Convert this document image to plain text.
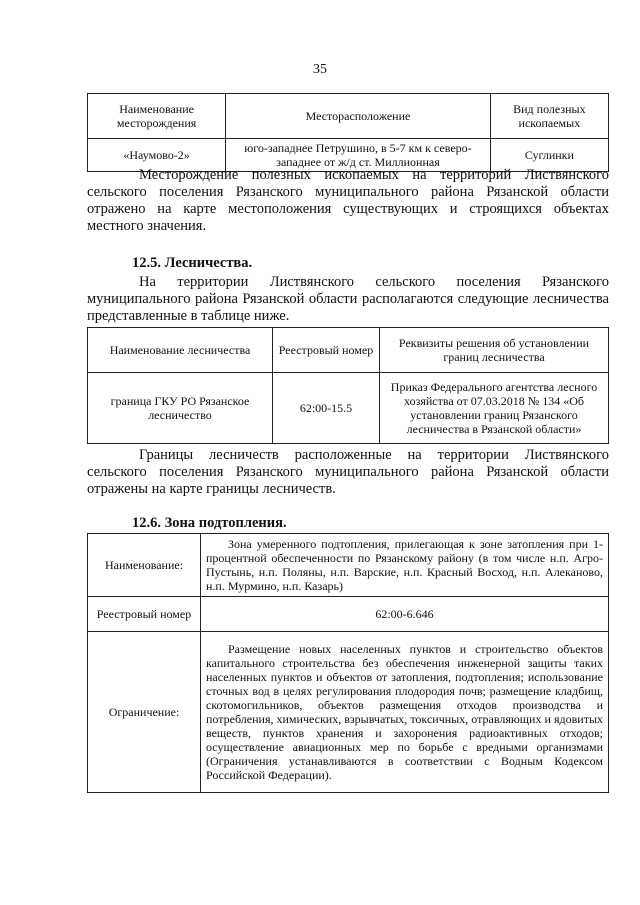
35
Наименование месторождения	Месторасположение	Вид полезных ископаемых
«Наумово-2»	юго-западнее Петрушино, в 5-7 км к северо-западнее от ж/д ст. Миллионная	Суглинки
Месторождение полезных ископаемых на территорий Листвянского сельского поселения Рязанского муниципального района Рязанской области отражено на карте местоположения существующих и строящихся объектах местного значения.
12.5. Лесничества.
На территории Листвянского сельского поселения Рязанского муниципального района Рязанской области располагаются следующие лесничества представленные в таблице ниже.
Наименование лесничества	Реестровый номер	Реквизиты решения об установлении границ лесничества
граница ГКУ РО Рязанское лесничество	62:00-15.5	Приказ Федерального агентства лесного хозяйства от 07.03.2018 № 134 «Об установлении границ Рязанского лесничества в Рязанской области»
Границы лесничеств расположенные на территории Листвянского сельского поселения Рязанского муниципального района Рязанской области отражены на карте границы лесничеств.
12.6. Зона подтопления.
Наименование:	Зона умеренного подтопления, прилегающая к зоне затопления при 1-процентной обеспеченности по Рязанскому району (в том числе н.п. Агро-Пустынь, н.п. Поляны, н.п. Варские, н.п. Красный Восход, н.п. Алеканово, н.п. Мурмино, н.п. Казарь)

Реестровый номер	62:00-6.646
Ограничение:	Размещение новых населенных пунктов и строительство объектов капитального строительства без обеспечения инженерной защиты таких населенных пунктов и объектов от затопления, подтопления; использование сточных вод в целях регулирования плодородия почв; размещение кладбищ, скотомогильников, объектов размещения отходов производства и потребления, химических, взрывчатых, токсичных, отравляющих и ядовитых веществ, пунктов хранения и захоронения радиоактивных отходов; осуществление авиационных мер по борьбе с вредными организмами (Ограничения устанавливаются в соответствии с Водным Кодексом Российской Федерации).
